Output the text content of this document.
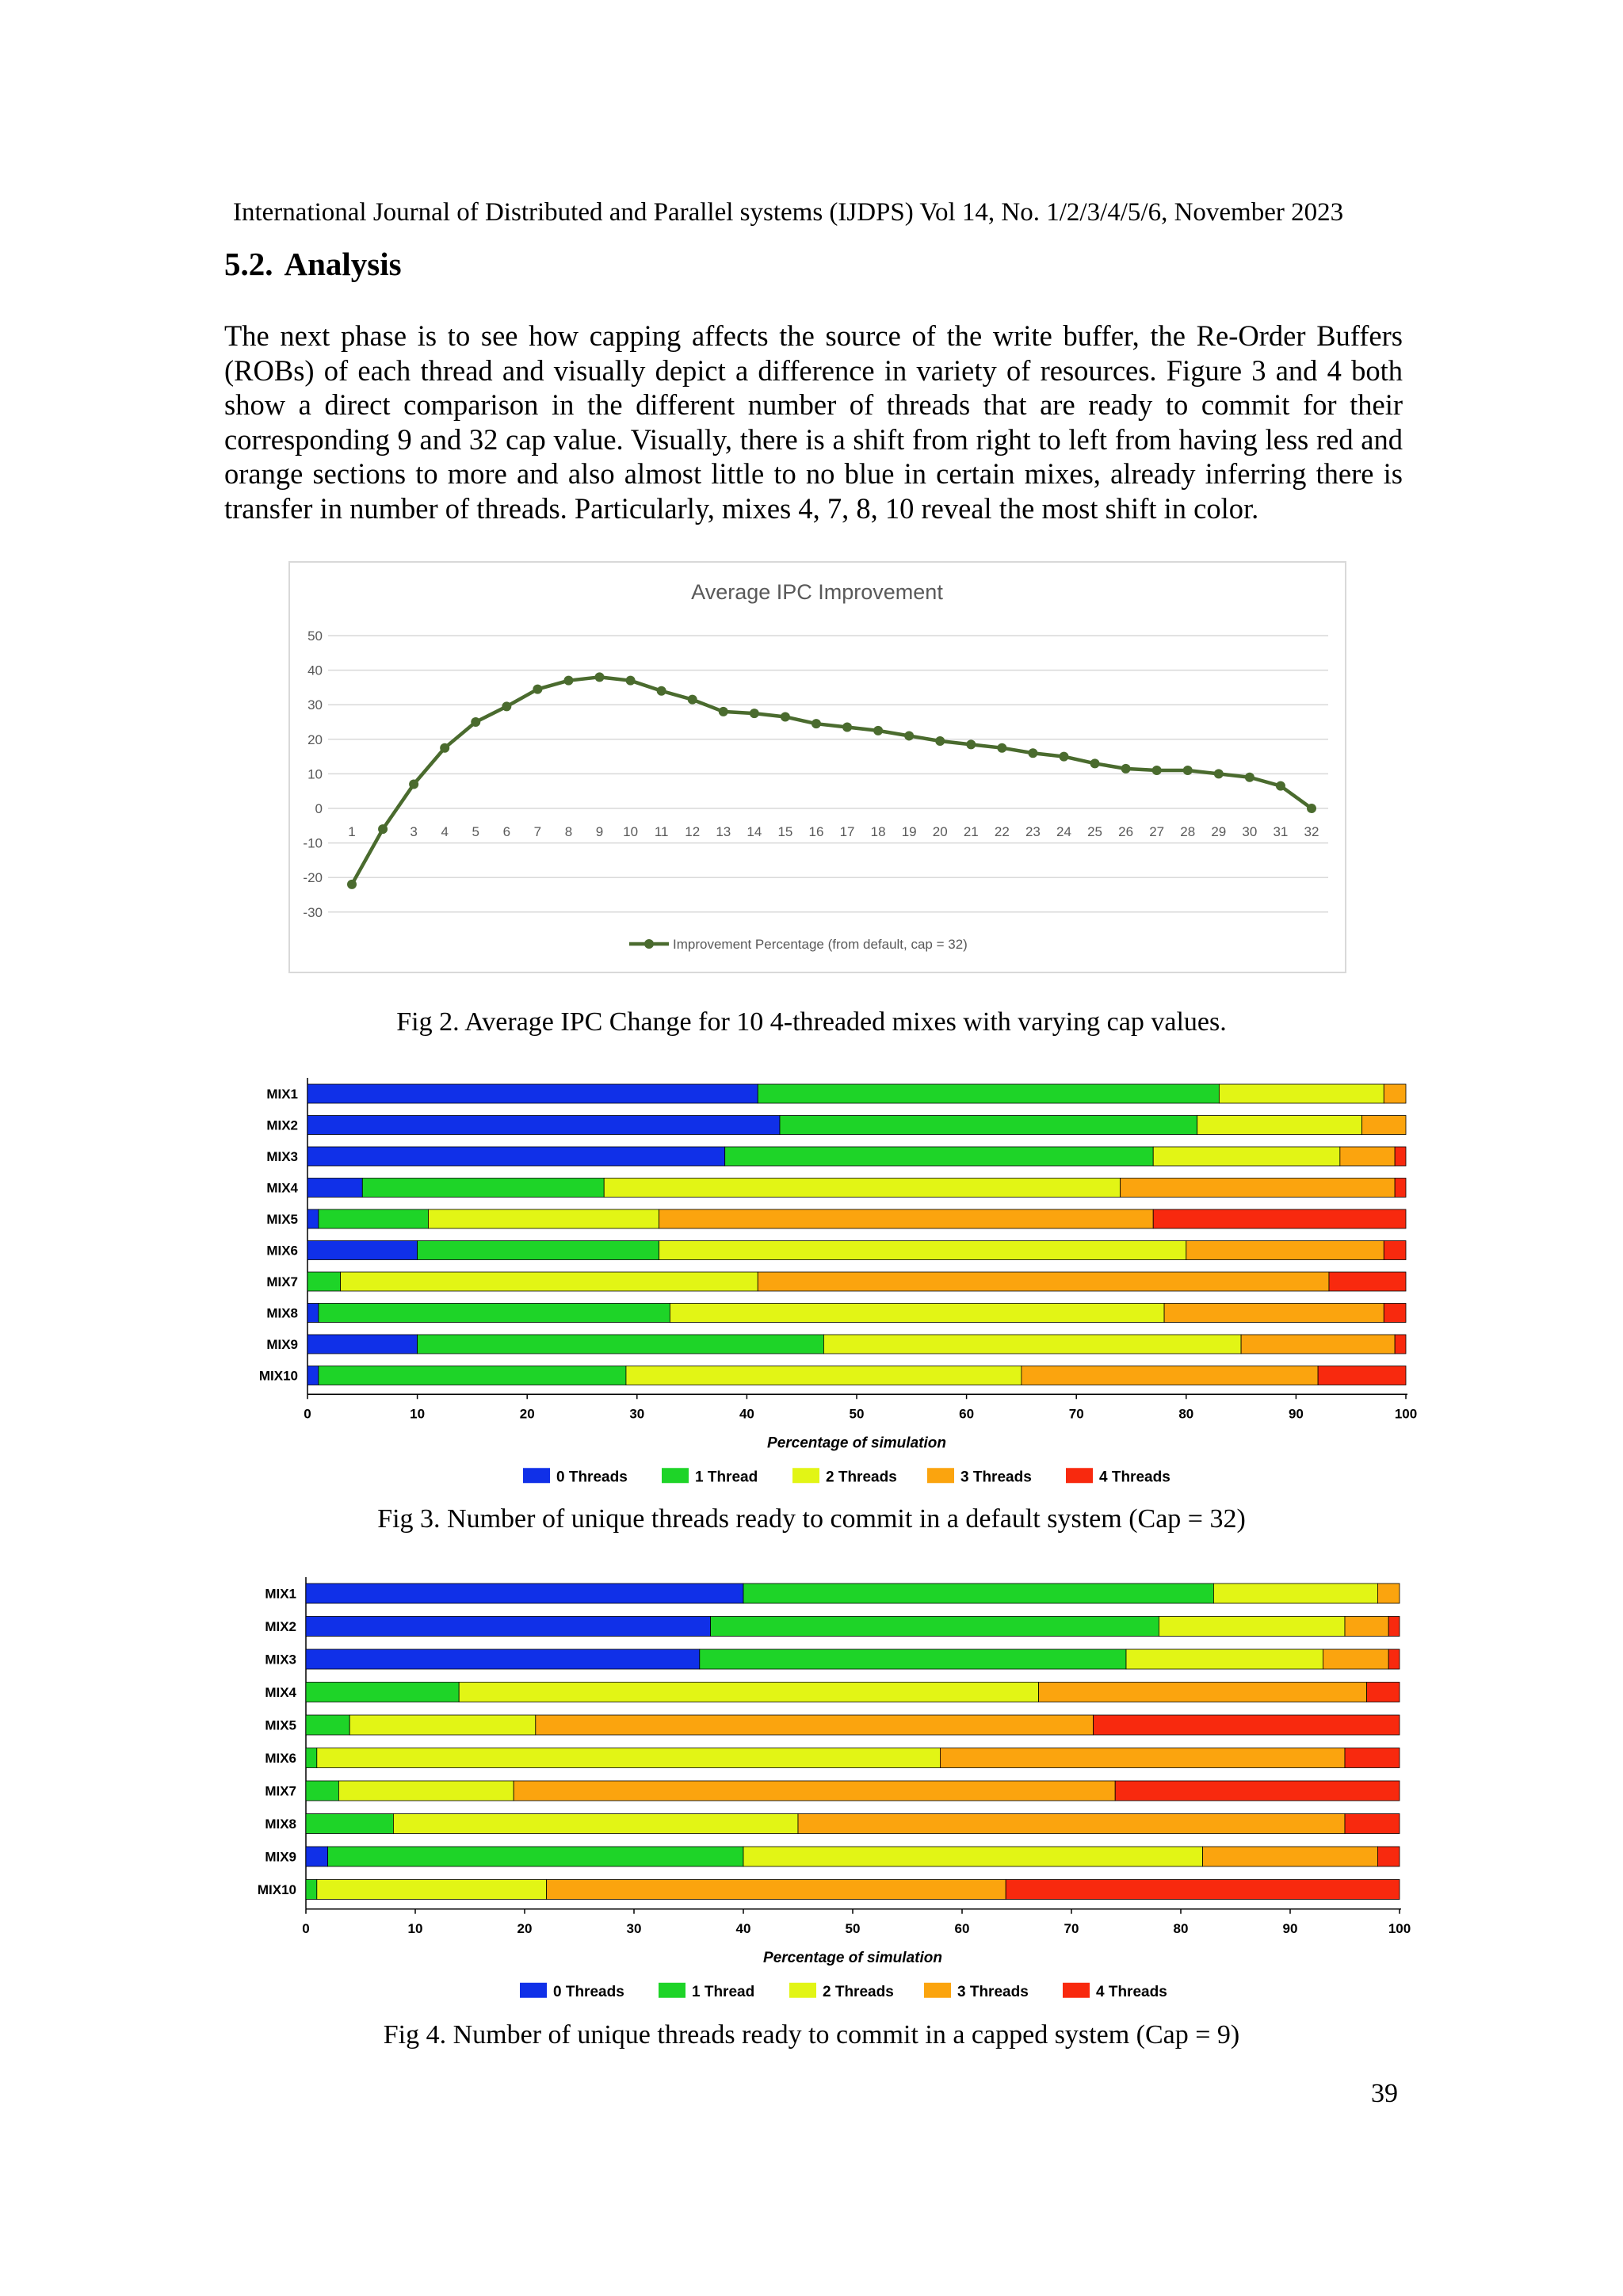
International Journal of Distributed and Parallel systems (IJDPS) Vol 14, No. 1/2/3/4/5/6, November 2023
5.2. Analysis
The next phase is to see how capping affects the source of the write buffer, the Re-Order Buffers (ROBs) of each thread and visually depict a difference in variety of resources. Figure 3 and 4 both show a direct comparison in the different number of threads that are ready to commit for their corresponding 9 and 32 cap value. Visually, there is a shift from right to left from having less red and orange sections to more and also almost little to no blue in certain mixes, already inferring there is transfer in number of threads. Particularly, mixes 4, 7, 8, 10 reveal the most shift in color.
Average IPC Improvement
-30
-20
-10
0
10
20
30
40
50
1	3 4 5 6 7 8 9 10 11 12 13 14 15 16 17 18 19 20 21 22 23 24 25 26 27 28 29 30 31 32
Improvement Percentage (from default, cap = 32)
Fig 2. Average IPC Change for 10 4-threaded mixes with varying cap values.
MIX1
MIX2
MIX3
MIX4
MIX5
MIX6
MIX7
MIX8
MIX9
MIX10
0	10	20	30	40	50	60	70	80	90	100
Percentage of simulation
0 Threads	1 Thread	2 Threads	3 Threads	4 Threads
Fig 3. Number of unique threads ready to commit in a default system (Cap = 32)
MIX1
MIX2
MIX3
MIX4
MIX5
MIX6
MIX7
MIX8
MIX9
MIX10
0	10	20	30	40	50	60	70	80	90	100
Percentage of simulation
0 Threads	1 Thread	2 Threads	3 Threads	4 Threads
Fig 4. Number of unique threads ready to commit in a capped system (Cap = 9)
39
